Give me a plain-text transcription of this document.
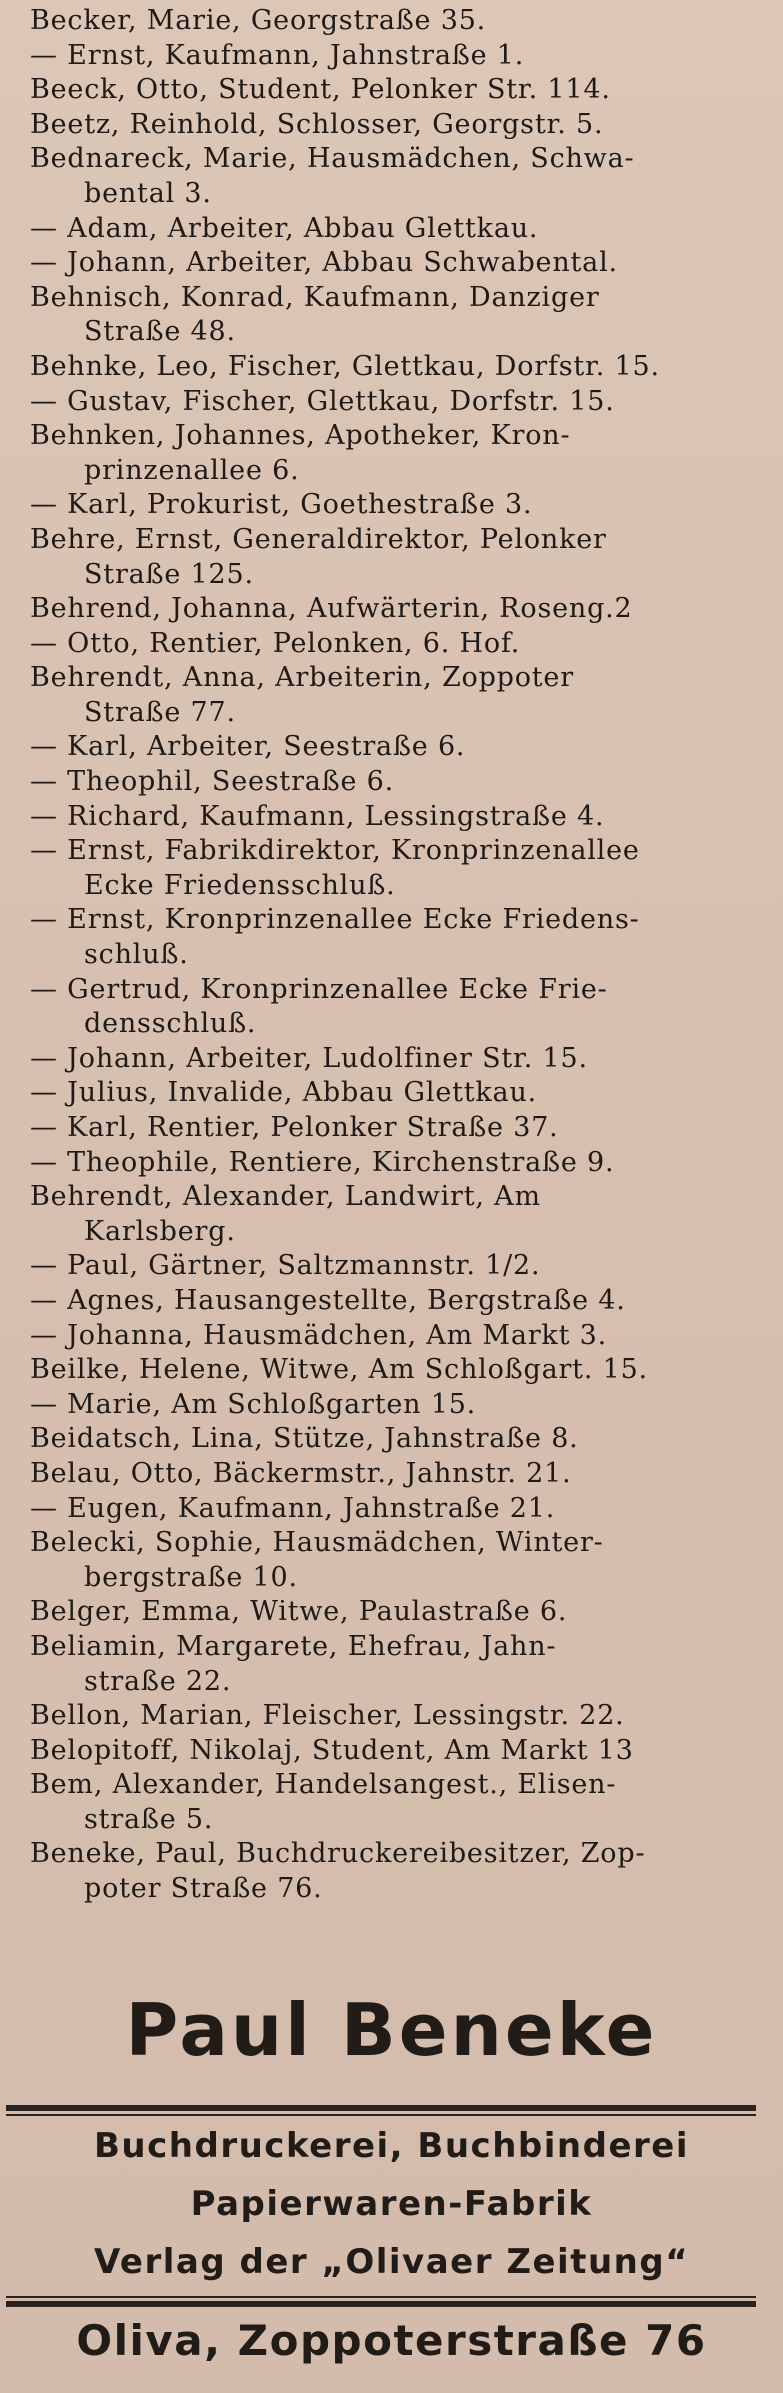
Becker, Marie, Georgstraße 35.
— Ernst, Kaufmann, Jahnstraße 1.
Beeck, Otto, Student, Pelonker Str. 114.
Beetz, Reinhold, Schlosser, Georgstr. 5.
Bednareck, Marie, Hausmädchen, Schwa-
bental 3.
— Adam, Arbeiter, Abbau Glettkau.
— Johann, Arbeiter, Abbau Schwabental.
Behnisch, Konrad, Kaufmann, Danziger
Straße 48.
Behnke, Leo, Fischer, Glettkau, Dorfstr. 15.
— Gustav, Fischer, Glettkau, Dorfstr. 15.
Behnken, Johannes, Apotheker, Kron-
prinzenallee 6.
— Karl, Prokurist, Goethestraße 3.
Behre, Ernst, Generaldirektor, Pelonker
Straße 125.
Behrend, Johanna, Aufwärterin, Roseng.2
— Otto, Rentier, Pelonken, 6. Hof.
Behrendt, Anna, Arbeiterin, Zoppoter
Straße 77.
— Karl, Arbeiter, Seestraße 6.
— Theophil, Seestraße 6.
— Richard, Kaufmann, Lessingstraße 4.
— Ernst, Fabrikdirektor, Kronprinzenallee
Ecke Friedensschluß.
— Ernst, Kronprinzenallee Ecke Friedens-
schluß.
— Gertrud, Kronprinzenallee Ecke Frie-
densschluß.
— Johann, Arbeiter, Ludolfiner Str. 15.
— Julius, Invalide, Abbau Glettkau.
— Karl, Rentier, Pelonker Straße 37.
— Theophile, Rentiere, Kirchenstraße 9.
Behrendt, Alexander, Landwirt, Am
Karlsberg.
— Paul, Gärtner, Saltzmannstr. 1/2.
— Agnes, Hausangestellte, Bergstraße 4.
— Johanna, Hausmädchen, Am Markt 3.
Beilke, Helene, Witwe, Am Schloßgart. 15.
— Marie, Am Schloßgarten 15.
Beidatsch, Lina, Stütze, Jahnstraße 8.
Belau, Otto, Bäckermstr., Jahnstr. 21.
— Eugen, Kaufmann, Jahnstraße 21.
Belecki, Sophie, Hausmädchen, Winter-
bergstraße 10.
Belger, Emma, Witwe, Paulastraße 6.
Beliamin, Margarete, Ehefrau, Jahn-
straße 22.
Bellon, Marian, Fleischer, Lessingstr. 22.
Belopitoff, Nikolaj, Student, Am Markt 13
Bem, Alexander, Handelsangest., Elisen-
straße 5.
Beneke, Paul, Buchdruckereibesitzer, Zop-
poter Straße 76.
Paul Beneke
Buchdruckerei, Buchbinderei
Papierwaren-Fabrik
Verlag der „Olivaer Zeitung“
Oliva, Zoppoterstraße 76
